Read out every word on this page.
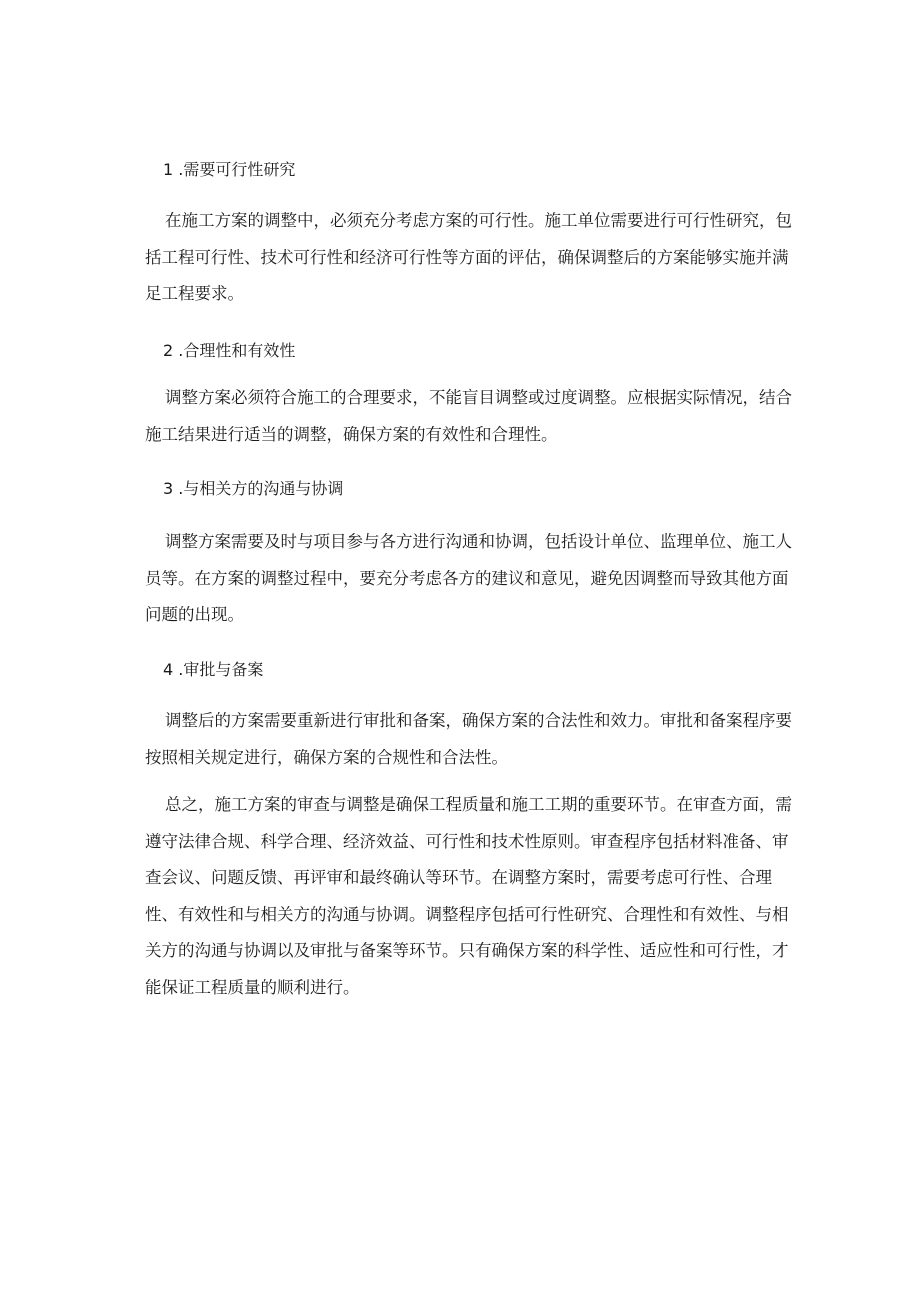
1 .需要可行性研究

在施工方案的调整中，必须充分考虑方案的可行性。施工单位需要进行可行性研究，包括工程可行性、技术可行性和经济可行性等方面的评估，确保调整后的方案能够实施并满足工程要求。

2 .合理性和有效性

调整方案必须符合施工的合理要求，不能盲目调整或过度调整。应根据实际情况，结合施工结果进行适当的调整，确保方案的有效性和合理性。

3 .与相关方的沟通与协调

调整方案需要及时与项目参与各方进行沟通和协调，包括设计单位、监理单位、施工人员等。在方案的调整过程中，要充分考虑各方的建议和意见，避免因调整而导致其他方面问题的出现。

4 .审批与备案

调整后的方案需要重新进行审批和备案，确保方案的合法性和效力。审批和备案程序要按照相关规定进行，确保方案的合规性和合法性。

总之，施工方案的审查与调整是确保工程质量和施工工期的重要环节。在审查方面，需遵守法律合规、科学合理、经济效益、可行性和技术性原则。审查程序包括材料准备、审查会议、问题反馈、再评审和最终确认等环节。在调整方案时，需要考虑可行性、合理性、有效性和与相关方的沟通与协调。调整程序包括可行性研究、合理性和有效性、与相关方的沟通与协调以及审批与备案等环节。只有确保方案的科学性、适应性和可行性，才能保证工程质量的顺利进行。
